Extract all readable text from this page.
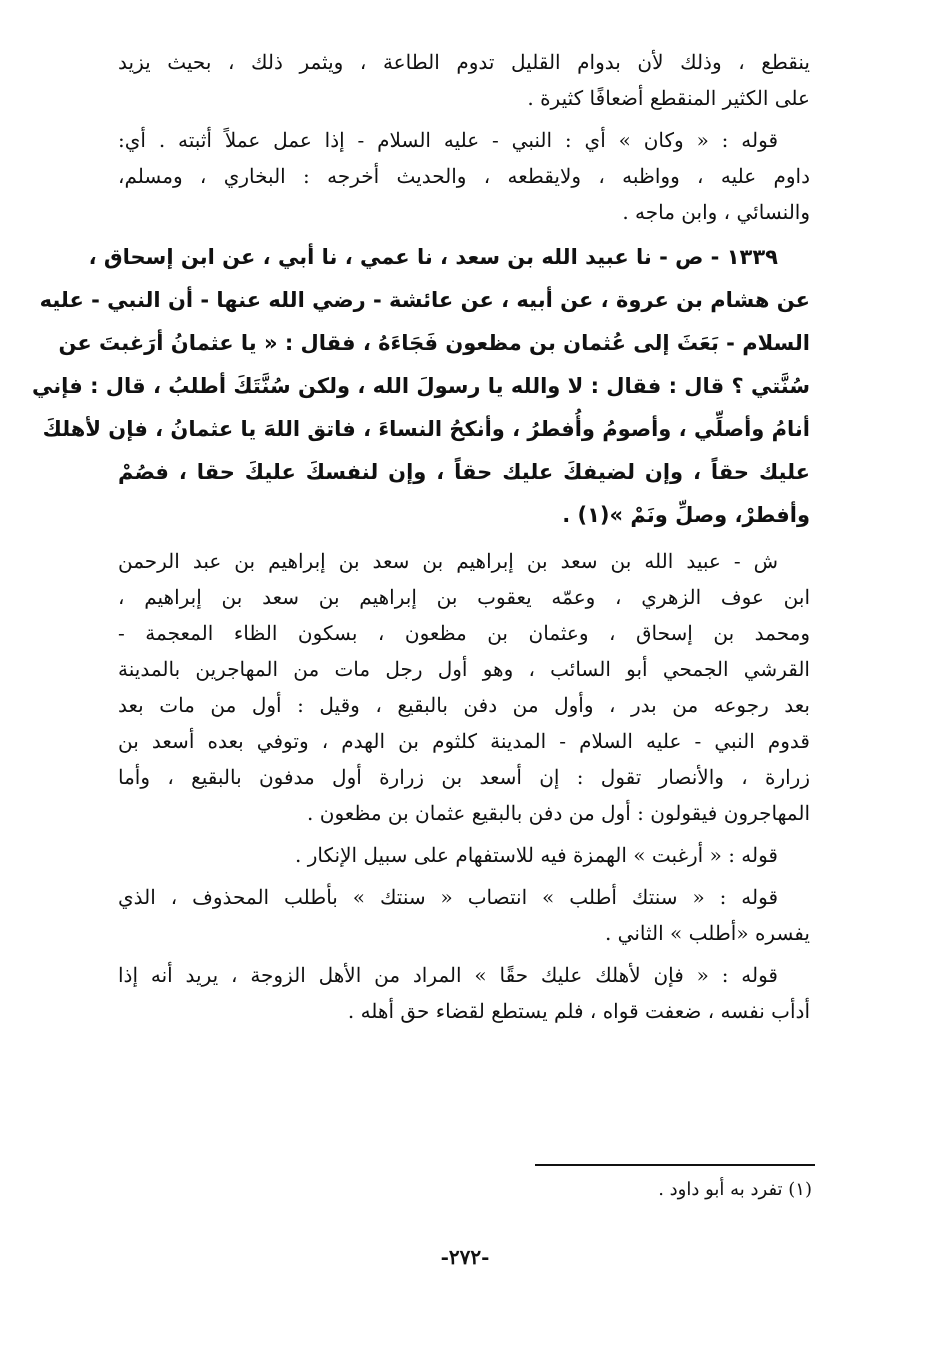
ينقطع ، وذلك لأن بدوام القليل تدوم الطاعة ، ويثمر ذلك ، بحيث يزيد
على الكثير المنقطع أضعافًا كثيرة .
قوله : « وكان » أي : النبي - عليه السلام - إذا عمل عملاً أثبته . أي:
داوم عليه ، وواظبه ، ولايقطعه ، والحديث أخرجه : البخاري ، ومسلم،
والنسائي ، وابن ماجه .
١٣٣٩ - ص - نا عبيد الله بن سعد ، نا عمي ، نا أبي ، عن ابن إسحاق ،
عن هشام بن عروة ، عن أبيه ، عن عائشة - رضي الله عنها - أن النبي - عليه
السلام - بَعَثَ إلى عُثمان بن مظعون فَجَاءَهُ ، فقال : « يا عثمانُ أرَغبتَ عن
سُنَّتي ؟ قال : فقال : لا والله يا رسولَ الله ، ولكن سُنَّتَكَ أطلبُ ، قال : فإني
أنامُ وأصلِّي ، وأصومُ وأُفطرُ ، وأنكحُ النساءَ ، فاتق اللهَ يا عثمانُ ، فإن لأهلكَ
عليك حقاً ، وإن لضيفكَ عليك حقاً ، وإن لنفسكَ عليكَ حقا ، فصُمْ
وأفطرْ، وصلِّ ونَمْ »(١) .
ش - عبيد الله بن سعد بن إبراهيم بن سعد بن إبراهيم بن عبد الرحمن
ابن عوف الزهري ، وعمّه يعقوب بن إبراهيم بن سعد بن إبراهيم ،
ومحمد بن إسحاق ، وعثمان بن مظعون ، بسكون الظاء المعجمة -
القرشي الجمحي أبو السائب ، وهو أول رجل مات من المهاجرين بالمدينة
بعد رجوعه من بدر ، وأول من دفن بالبقيع ، وقيل : أول من مات بعد
قدوم النبي - عليه السلام - المدينة كلثوم بن الهدم ، وتوفي بعده أسعد بن
زرارة ، والأنصار تقول : إن أسعد بن زرارة أول مدفون بالبقيع ، وأما
المهاجرون فيقولون : أول من دفن بالبقيع عثمان بن مظعون .
قوله : « أرغبت » الهمزة فيه للاستفهام على سبيل الإنكار .
قوله : « سنتك أطلب » انتصاب « سنتك » بأطلب المحذوف ، الذي
يفسره «أطلب » الثاني .
قوله : « فإن لأهلك عليك حقًا » المراد من الأهل الزوجة ، يريد أنه إذا
أدأب نفسه ، ضعفت قواه ، فلم يستطع لقضاء حق أهله .
(١) تفرد به أبو داود .
-٢٧٢-
